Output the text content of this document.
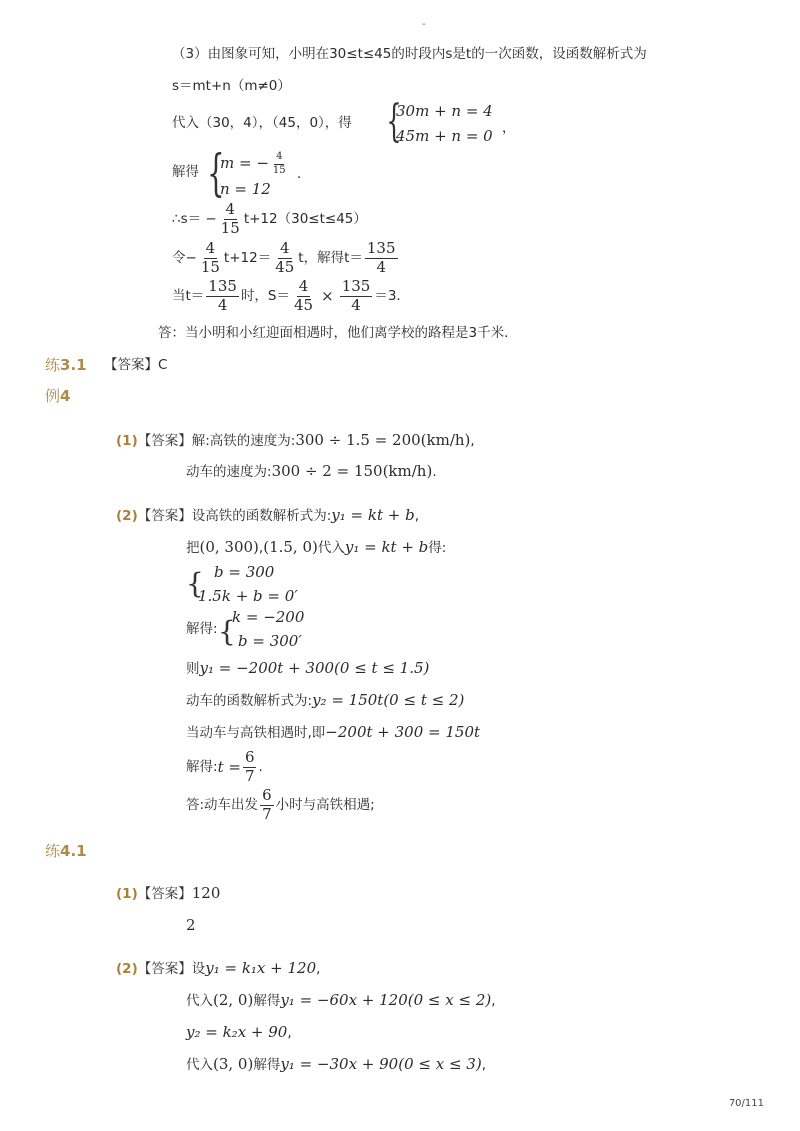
-
（3）由图象可知，小明在30≤t≤45的时段内s是t的一次函数，设函数解析式为
s＝mt+n（m≠0）
代入（30，4），（45，0），得 {
30m + n = 4
45m + n = 0 ，
解得 {
m = − $\frac{4}{15}$
n = 12
．
∴s＝ − $\frac{4}{15} t+12(30\le t\le 45)$
令− $\frac{4}{15} t+12= \frac{4}{45}$ t，解得$t= \frac{135}{4}$
当$t= \frac{135}{4}$ 时，$S= \frac{4}{45} \times \frac{135}{4} =3$．
答：当小明和小红迎面相遇时，他们离学校的路程是3千米．
练3.1 【答案】C
例4
(1)【答案】解:高铁的速度为:300 ÷ 1.5 = 200(km/h),
动车的速度为:300 ÷ 2 = 150(km/h).
(2)【答案】设高铁的函数解析式为:y₁ = kt + b,
把(0, 300),(1.5, 0)代入y₁ = kt + b得:
{ b = 300
1.5k + b = 0′
解得: {
k = −200
b = 300′
则y₁ = −200t + 300(0 ≤ t ≤ 1.5)
动车的函数解析式为:y₂ = 150t(0 ≤ t ≤ 2)
当动车与高铁相遇时,即−200t + 300 = 150t
解得: $t = \frac{6}{7}$ .
答:动车出发 $\frac{6}{7}$ 小时与高铁相遇;
练4.1
(1)【答案】120
2
(2)【答案】设y₁ = k₁x + 120,
代入(2, 0)解得y₁ = −60x + 120(0 ≤ x ≤ 2),
y₂ = k₂x + 90,
代入(3, 0)解得y₁ = −30x + 90(0 ≤ x ≤ 3),
70/111
